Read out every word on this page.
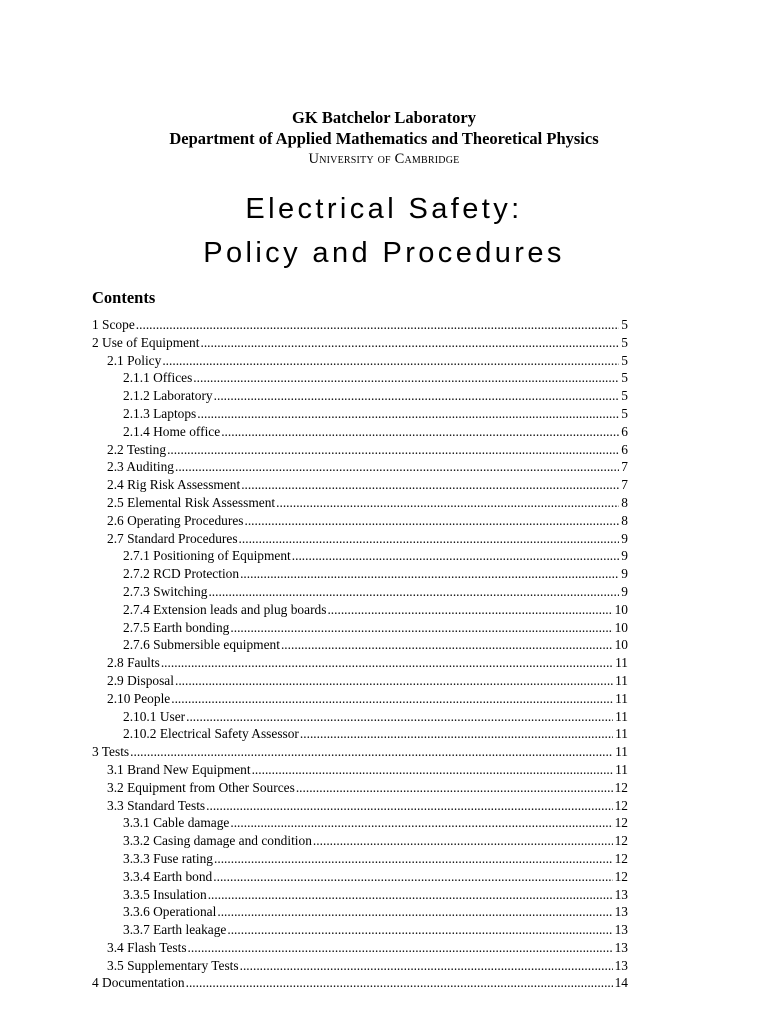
GK Batchelor Laboratory
Department of Applied Mathematics and Theoretical Physics
University of Cambridge
Electrical Safety:
Policy and Procedures
Contents
1 Scope .....	5
2 Use of Equipment .....	5
2.1 Policy .....	5
2.1.1 Offices .....	5
2.1.2 Laboratory .....	5
2.1.3 Laptops .....	5
2.1.4 Home office .....	6
2.2 Testing .....	6
2.3 Auditing .....	7
2.4 Rig Risk Assessment .....	7
2.5 Elemental Risk Assessment .....	8
2.6 Operating Procedures .....	8
2.7 Standard Procedures .....	9
2.7.1 Positioning of Equipment .....	9
2.7.2 RCD Protection .....	9
2.7.3 Switching .....	9
2.7.4 Extension leads and plug boards .....	10
2.7.5 Earth bonding .....	10
2.7.6 Submersible equipment .....	10
2.8 Faults .....	11
2.9 Disposal .....	11
2.10 People .....	11
2.10.1 User .....	11
2.10.2 Electrical Safety Assessor .....	11
3 Tests .....	11
3.1 Brand New Equipment .....	11
3.2 Equipment from Other Sources .....	12
3.3 Standard Tests .....	12
3.3.1 Cable damage .....	12
3.3.2 Casing damage and condition .....	12
3.3.3 Fuse rating .....	12
3.3.4 Earth bond .....	12
3.3.5 Insulation .....	13
3.3.6 Operational .....	13
3.3.7 Earth leakage .....	13
3.4 Flash Tests .....	13
3.5 Supplementary Tests .....	13
4 Documentation .....	14
